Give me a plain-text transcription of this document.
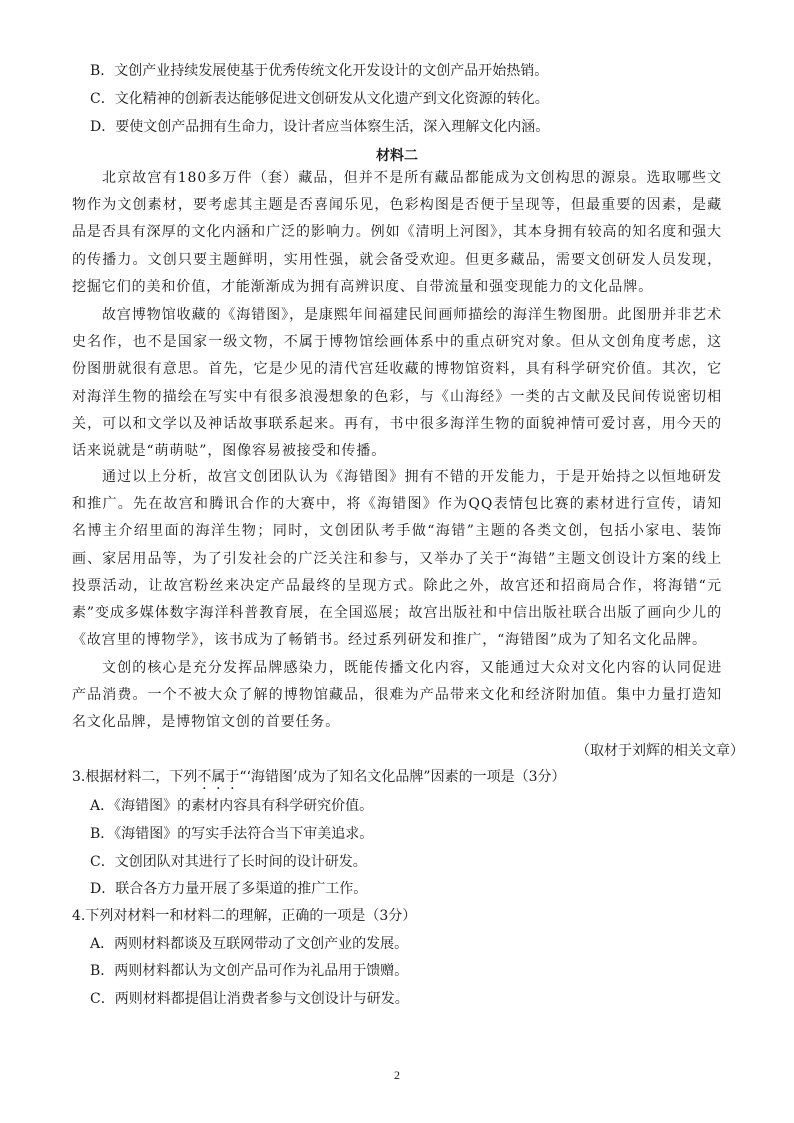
B．文创产业持续发展使基于优秀传统文化开发设计的文创产品开始热销。
C．文化精神的创新表达能够促进文创研发从文化遗产到文化资源的转化。
D．要使文创产品拥有生命力，设计者应当体察生活，深入理解文化内涵。
材料二
北京故宫有180多万件（套）藏品，但并不是所有藏品都能成为文创构思的源泉。选取哪些文物作为文创素材，要考虑其主题是否喜闻乐见，色彩构图是否便于呈现等，但最重要的因素，是藏品是否具有深厚的文化内涵和广泛的影响力。例如《清明上河图》，其本身拥有较高的知名度和强大的传播力。文创只要主题鲜明，实用性强，就会备受欢迎。但更多藏品，需要文创研发人员发现，挖掘它们的美和价值，才能渐渐成为拥有高辨识度、自带流量和强变现能力的文化品牌。
故宫博物馆收藏的《海错图》，是康熙年间福建民间画师描绘的海洋生物图册。此图册并非艺术史名作，也不是国家一级文物，不属于博物馆绘画体系中的重点研究对象。但从文创角度考虑，这份图册就很有意思。首先，它是少见的清代宫廷收藏的博物馆资料，具有科学研究价值。其次，它对海洋生物的描绘在写实中有很多浪漫想象的色彩，与《山海经》一类的古文献及民间传说密切相关，可以和文学以及神话故事联系起来。再有，书中很多海洋生物的面貌神情可爱讨喜，用今天的话来说就是“萌萌哒”，图像容易被接受和传播。
通过以上分析，故宫文创团队认为《海错图》拥有不错的开发能力，于是开始持之以恒地研发和推广。先在故宫和腾讯合作的大赛中，将《海错图》作为QQ表情包比赛的素材进行宣传，请知名博主介绍里面的海洋生物；同时，文创团队考手做“海错”主题的各类文创，包括小家电、装饰画、家居用品等，为了引发社会的广泛关注和参与，又举办了关于“海错”主题文创设计方案的线上投票活动，让故宫粉丝来决定产品最终的呈现方式。除此之外，故宫还和招商局合作，将海错“元素”变成多媒体数字海洋科普教育展，在全国巡展；故宫出版社和中信出版社联合出版了画向少儿的《故宫里的博物学》，该书成为了畅销书。经过系列研发和推广，“海错图”成为了知名文化品牌。
文创的核心是充分发挥品牌感染力，既能传播文化内容，又能通过大众对文化内容的认同促进产品消费。一个不被大众了解的博物馆藏品，很难为产品带来文化和经济附加值。集中力量打造知名文化品牌，是博物馆文创的首要任务。
（取材于刘辉的相关文章）
3.根据材料二，下列不属于“‘海错图’成为了知名文化品牌”因素的一项是（3分）
A．《海错图》的素材内容具有科学研究价值。
B．《海错图》的写实手法符合当下审美追求。
C．文创团队对其进行了长时间的设计研发。
D．联合各方力量开展了多渠道的推广工作。
4.下列对材料一和材料二的理解，正确的一项是（3分）
A．两则材料都谈及互联网带动了文创产业的发展。
B．两则材料都认为文创产品可作为礼品用于馈赠。
C．两则材料都提倡让消费者参与文创设计与研发。
2
